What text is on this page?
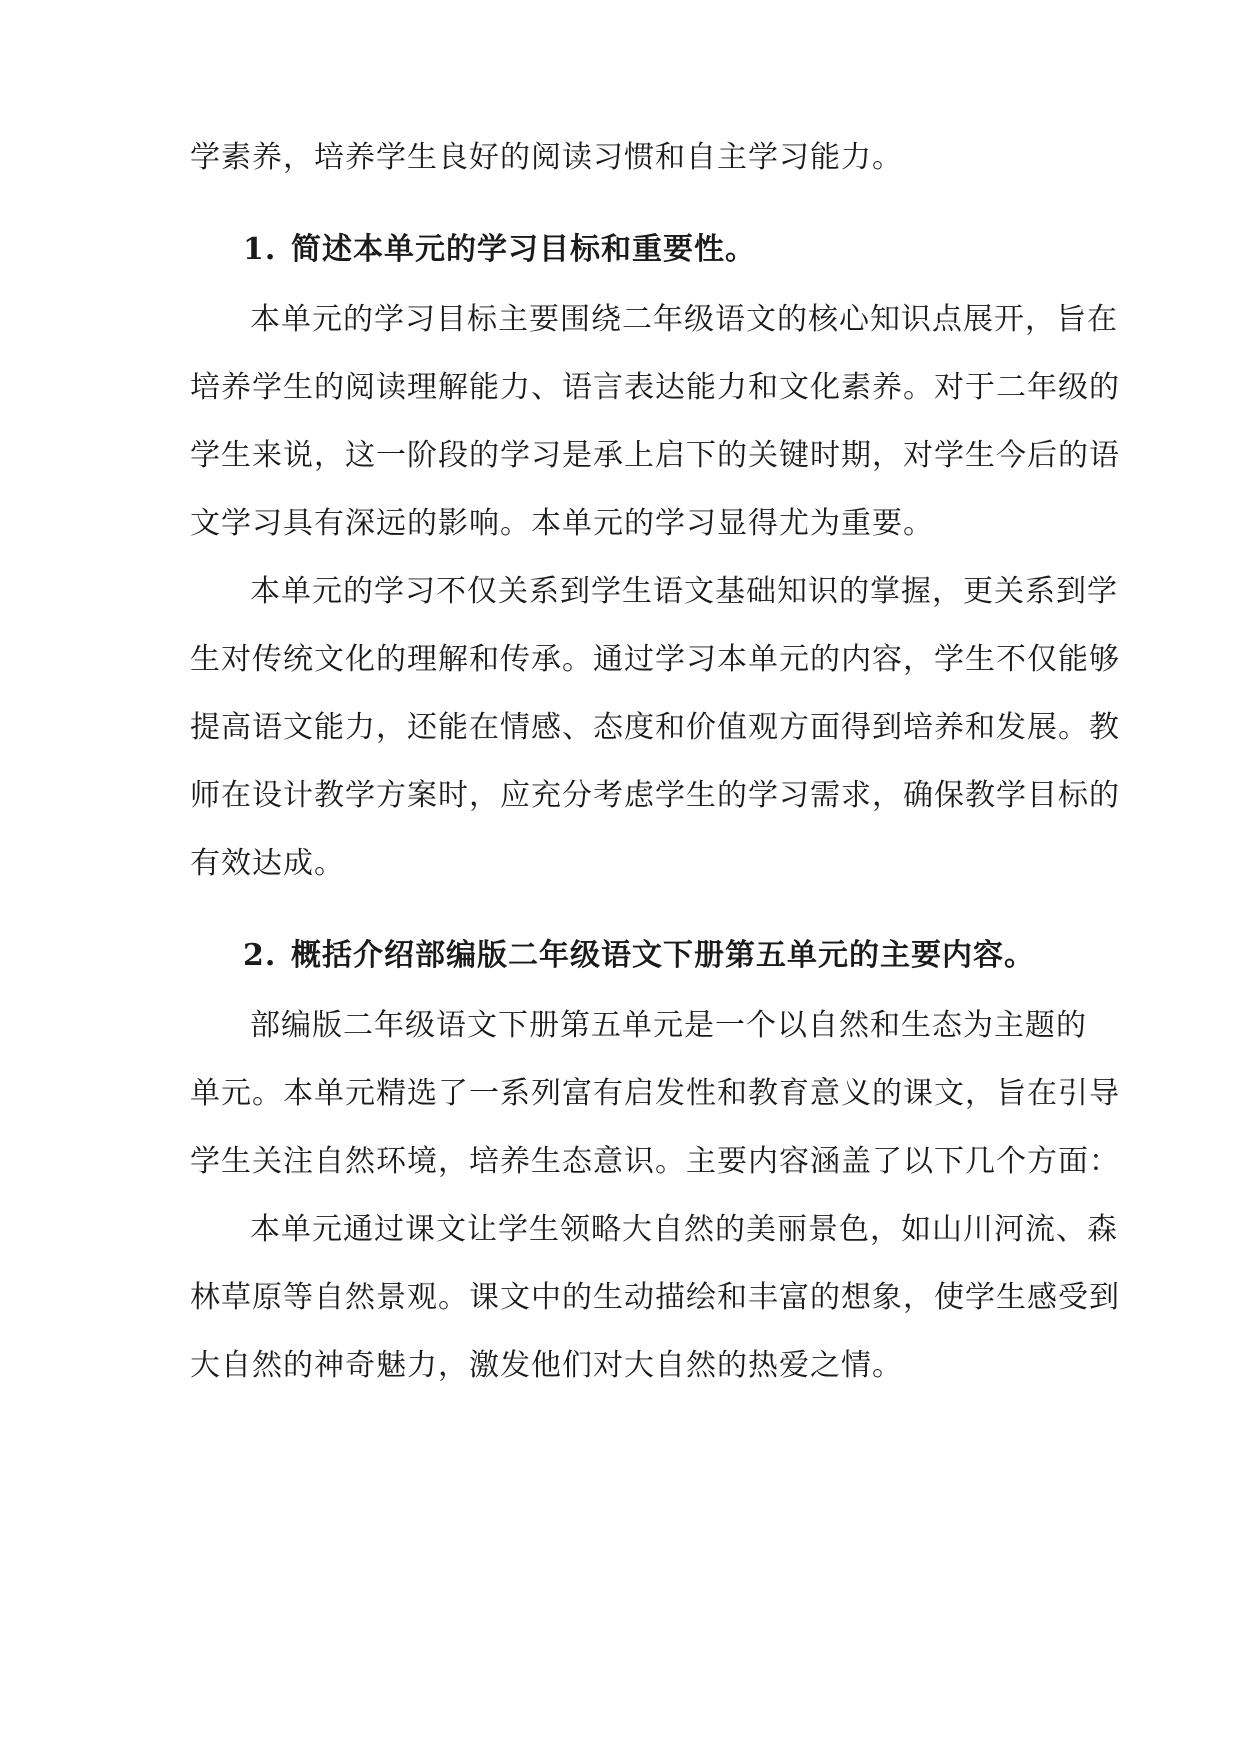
学素养，培养学生良好的阅读习惯和自主学习能力。
1. 简述本单元的学习目标和重要性。
本单元的学习目标主要围绕二年级语文的核心知识点展开，旨在
培养学生的阅读理解能力、语言表达能力和文化素养。对于二年级的
学生来说，这一阶段的学习是承上启下的关键时期，对学生今后的语
文学习具有深远的影响。本单元的学习显得尤为重要。
本单元的学习不仅关系到学生语文基础知识的掌握，更关系到学
生对传统文化的理解和传承。通过学习本单元的内容，学生不仅能够
提高语文能力，还能在情感、态度和价值观方面得到培养和发展。教
师在设计教学方案时，应充分考虑学生的学习需求，确保教学目标的
有效达成。
2. 概括介绍部编版二年级语文下册第五单元的主要内容。
部编版二年级语文下册第五单元是一个以自然和生态为主题的
单元。本单元精选了一系列富有启发性和教育意义的课文，旨在引导
学生关注自然环境，培养生态意识。主要内容涵盖了以下几个方面：
本单元通过课文让学生领略大自然的美丽景色，如山川河流、森
林草原等自然景观。课文中的生动描绘和丰富的想象，使学生感受到
大自然的神奇魅力，激发他们对大自然的热爱之情。
